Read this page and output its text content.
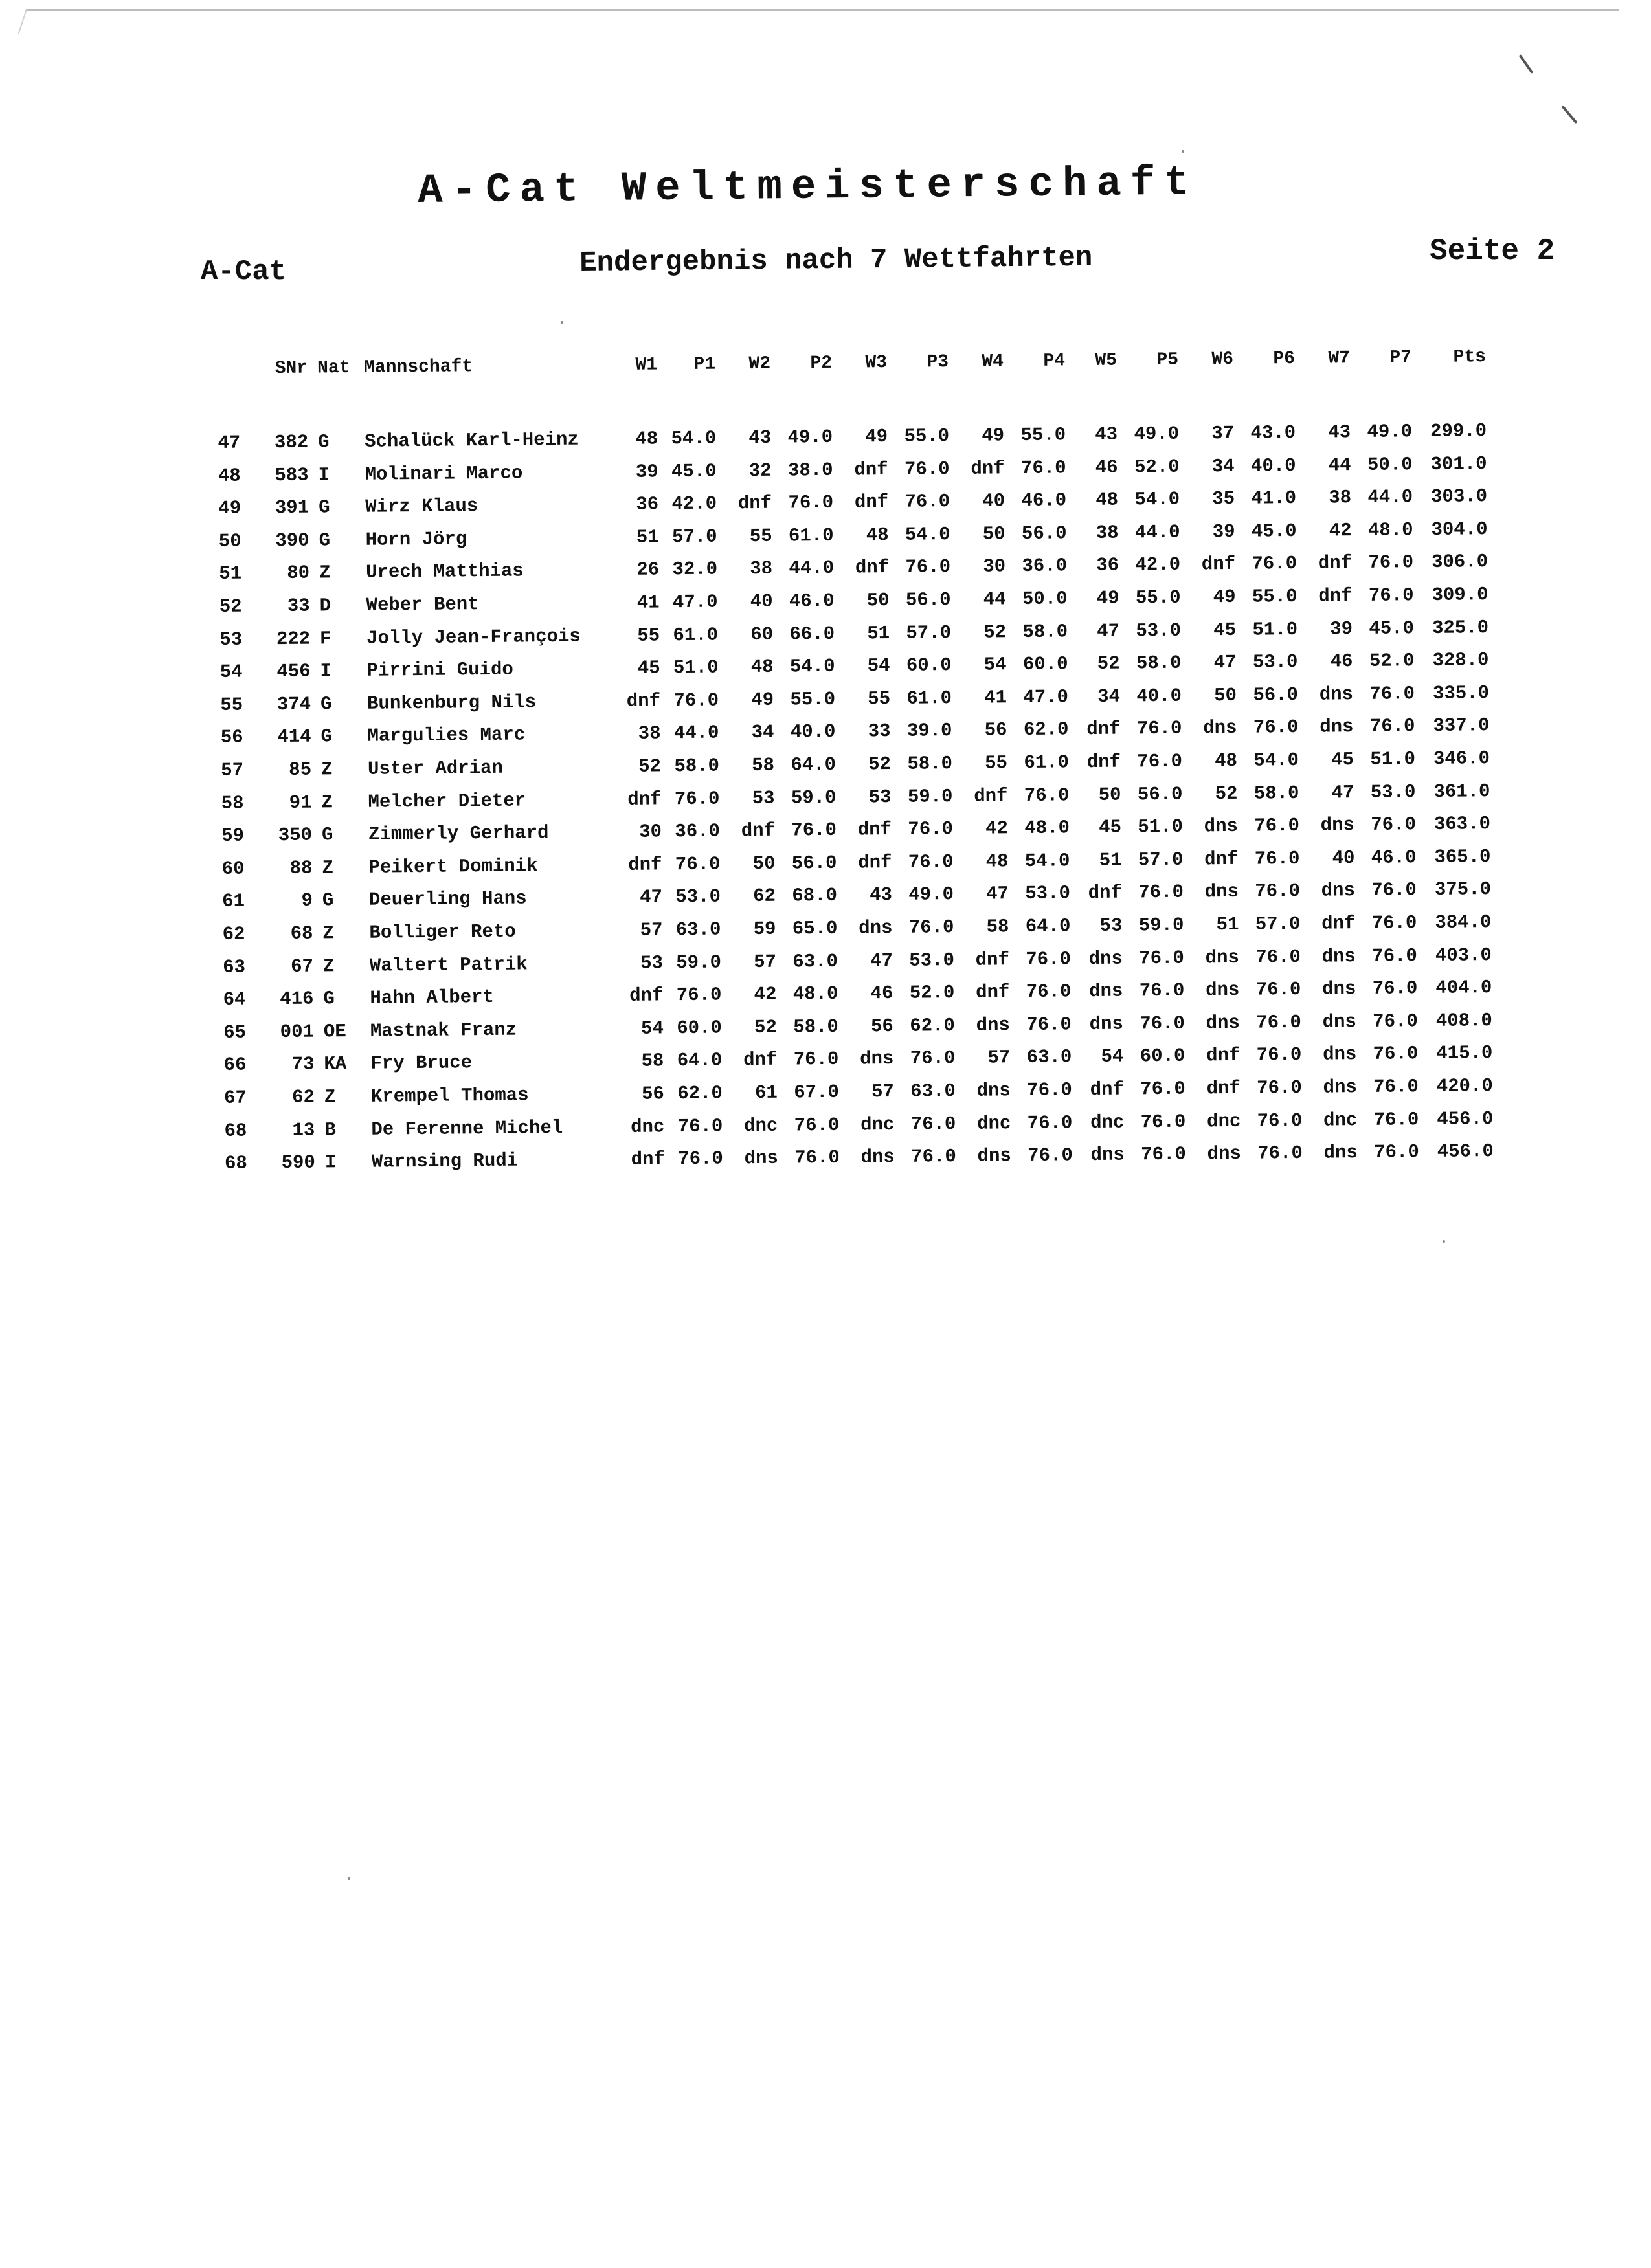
A-Cat Weltmeisterschaft
A-Cat	Endergebnis nach 7 Wettfahrten	Seite 2
SNr Nat Mannschaft	W1	P1	W2	P2	W3	P3	W4	P4	W5	P5	W6	P6	W7	P7	Pts
47	382 G	Schalück Karl-Heinz	48 54.0	43 49.0	49 55.0	49 55.0	43 49.0	37 43.0	43 49.0 299.0
48	583 I	Molinari Marco	39 45.0	32 38.0	dnf 76.0	dnf 76.0	46 52.0	34 40.0	44 50.0 301.0
49	391 G	Wirz Klaus	36 42.0 dnf 76.0	dnf 76.0	40 46.0	48 54.0	35 41.0	38 44.0 303.0
50	390 G	Horn Jörg	51 57.0	55 61.0	48 54.0	50 56.0	38 44.0	39 45.0	42 48.0 304.0
51	80 Z	Urech Matthias	26 32.0	38 44.0	dnf 76.0	30 36.0	36 42.0	dnf 76.0	dnf 76.0 306.0
52	33 D	Weber Bent	41 47.0	40 46.0	50 56.0	44 50.0	49 55.0	49 55.0	dnf 76.0 309.0
53	222 F	Jolly Jean-François	55 61.0	60 66.0	51 57.0	52 58.0	47 53.0	45 51.0	39 45.0 325.0
54	456 I	Pirrini Guido	45 51.0	48 54.0	54 60.0	54 60.0	52 58.0	47 53.0	46 52.0 328.0
55	374 G	Bunkenburg Nils	dnf 76.0	49 55.0	55 61.0	41 47.0	34 40.0	50 56.0	dns 76.0 335.0
56	414 G	Margulies Marc	38 44.0	34 40.0	33 39.0	56 62.0 dnf 76.0	dns 76.0	dns 76.0 337.0
57	85 Z	Uster Adrian	52 58.0	58 64.0	52 58.0	55 61.0 dnf 76.0	48 54.0	45 51.0 346.0
58	91 Z	Melcher Dieter	dnf 76.0	53 59.0	53 59.0	dnf 76.0	50 56.0	52 58.0	47 53.0 361.0
59	350 G	Zimmerly Gerhard	30 36.0 dnf 76.0	dnf 76.0	42 48.0	45 51.0	dns 76.0	dns 76.0 363.0
60	88 Z	Peikert Dominik	dnf 76.0	50 56.0	dnf 76.0	48 54.0	51 57.0	dnf 76.0	40 46.0 365.0
61	9 G	Deuerling Hans	47 53.0	62 68.0	43 49.0	47 53.0 dnf 76.0	dns 76.0	dns 76.0 375.0
62	68 Z	Bolliger Reto	57 63.0	59 65.0	dns 76.0	58 64.0	53 59.0	51 57.0	dnf 76.0 384.0
63	67 Z	Waltert Patrik	53 59.0	57 63.0	47 53.0	dnf 76.0 dns 76.0	dns 76.0	dns 76.0 403.0
64	416 G	Hahn Albert	dnf 76.0	42 48.0	46 52.0	dnf 76.0 dns 76.0	dns 76.0	dns 76.0 404.0
65	001 OE	Mastnak Franz	54 60.0	52 58.0	56 62.0	dns 76.0 dns 76.0	dns 76.0	dns 76.0 408.0
66	73 KA	Fry Bruce	58 64.0 dnf 76.0	dns 76.0	57 63.0	54 60.0	dnf 76.0	dns 76.0 415.0
67	62 Z	Krempel Thomas	56 62.0	61 67.0	57 63.0	dns 76.0 dnf 76.0	dnf 76.0	dns 76.0 420.0
68	13 B	De Ferenne Michel	dnc 76.0 dnc 76.0	dnc 76.0	dnc 76.0 dnc 76.0	dnc 76.0	dnc 76.0 456.0
68	590 I	Warnsing Rudi	dnf 76.0 dns 76.0	dns 76.0	dns 76.0 dns 76.0	dns 76.0	dns 76.0 456.0
